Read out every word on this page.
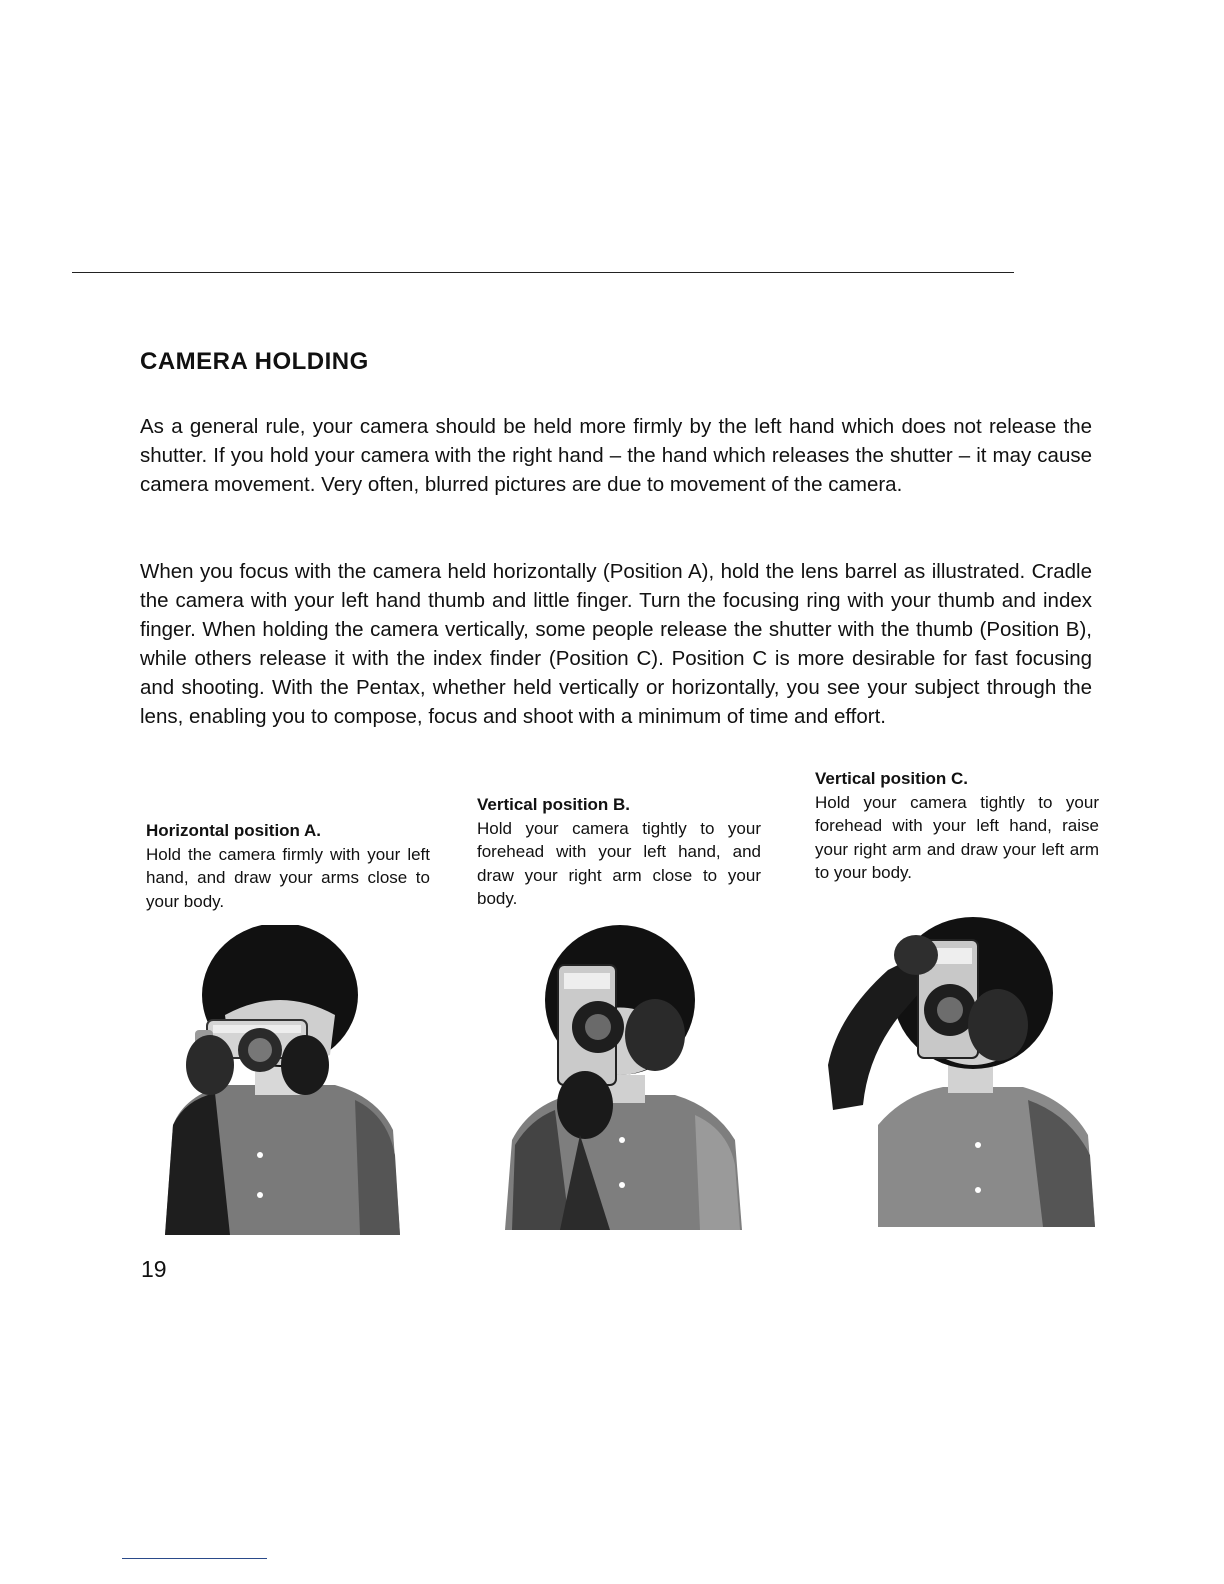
CAMERA HOLDING

As a general rule, your camera should be held more firmly by the left hand which does not release the shutter. If you hold your camera with the right hand – the hand which releases the shutter – it may cause camera movement. Very often, blurred pictures are due to movement of the camera.

When you focus with the camera held horizontally (Position A), hold the lens barrel as illustrated. Cradle the camera with your left hand thumb and little finger. Turn the focusing ring with your thumb and index finger. When holding the camera vertically, some people release the shutter with the thumb (Position B), while others release it with the index finder (Position C). Position C is more desirable for fast focusing and shooting. With the Pentax, whether held vertically or horizontally, you see your subject through the lens, enabling you to compose, focus and shoot with a minimum of time and effort.

Horizontal position A.
Hold the camera firmly with your left hand, and draw your arms close to your body.
Vertical position B.
Hold your camera tightly to your forehead with your left hand, and draw your right arm close to your body.
Vertical position C.
Hold your camera tightly to your forehead with your left hand, raise your right arm and draw your left arm to your body.

19
